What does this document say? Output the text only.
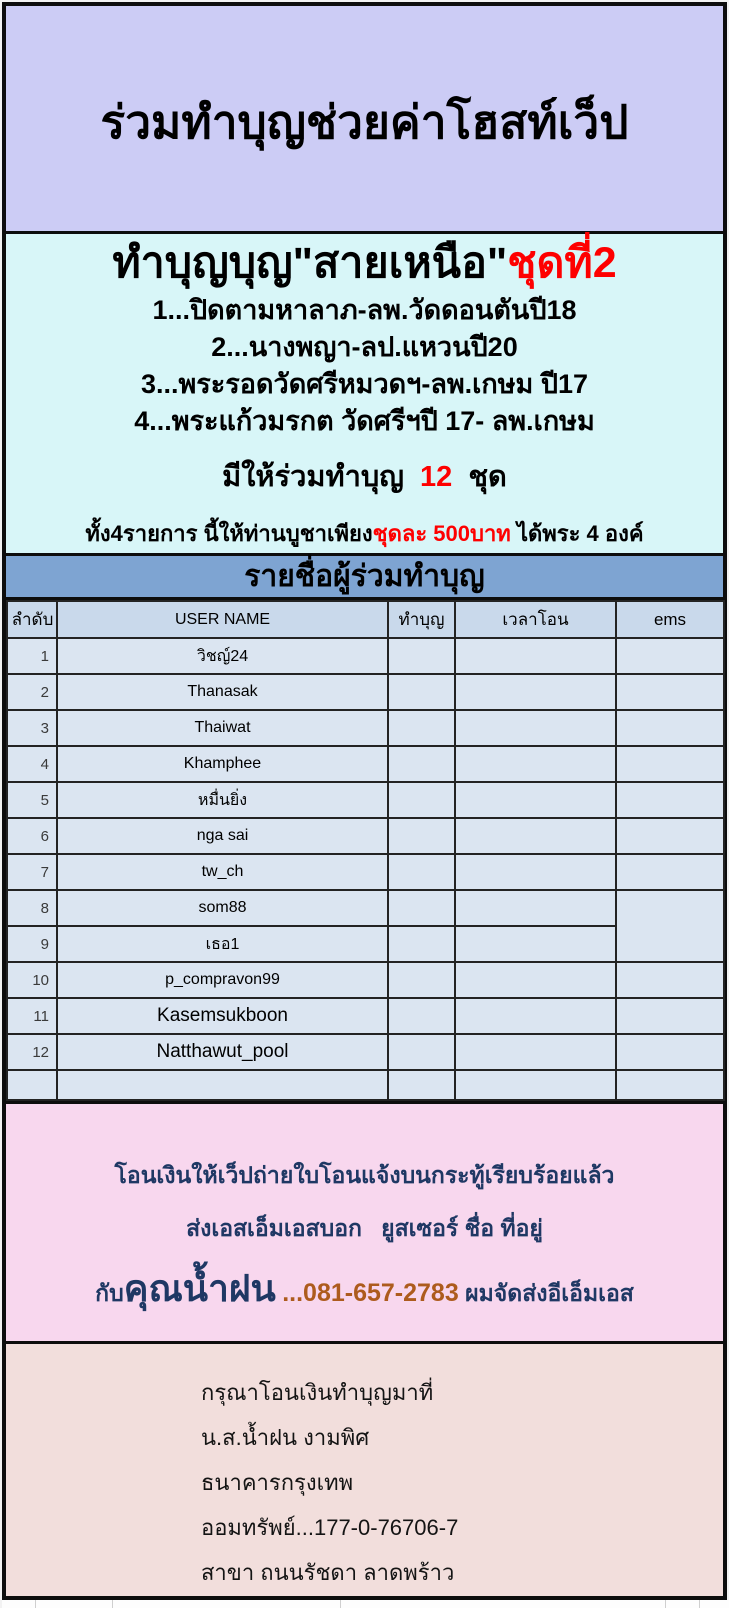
ร่วมทำบุญช่วยค่าโฮสท์เว็ป
ทำบุญบุญ"สายเหนือ"ชุดที่2
1...ปิดตามหาลาภ-ลพ.วัดดอนตันปี18
2...นางพญา-ลป.แหวนปี20
3...พระรอดวัดศรีหมวดฯ-ลพ.เกษม ปี17
4...พระแก้วมรกต วัดศรีฯปี 17- ลพ.เกษม
มีให้ร่วมทำบุญ 12 ชุด
ทั้ง4รายการ นี้ให้ท่านบูชาเพียงชุดละ 500บาท ได้พระ 4 องค์
รายชื่อผู้ร่วมทำบุญ
ลำดับ	USER NAME	ทำบุญ	เวลาโอน	ems
1	วิชญ์24			
2	Thanasak			
3	Thaiwat			
4	Khamphee			
5	หมื่นยิ่ง			
6	nga sai			
7	tw_ch			
8	som88			
9	เธอ1			
10	p_compravon99			
11	Kasemsukboon			
12	Natthawut_pool			

โอนเงินให้เว็ปถ่ายใบโอนแจ้งบนกระทู้เรียบร้อยแล้ว
ส่งเอสเอ็มเอสบอก   ยูสเซอร์ ชื่อ ที่อยู่
กับคุณน้ำฝน ...081-657-2783 ผมจัดส่งอีเอ็มเอส
กรุณาโอนเงินทำบุญมาที่
น.ส.น้ำฝน งามพิศ
ธนาคารกรุงเทพ
ออมทรัพย์...177-0-76706-7
สาขา ถนนรัชดา ลาดพร้าว
